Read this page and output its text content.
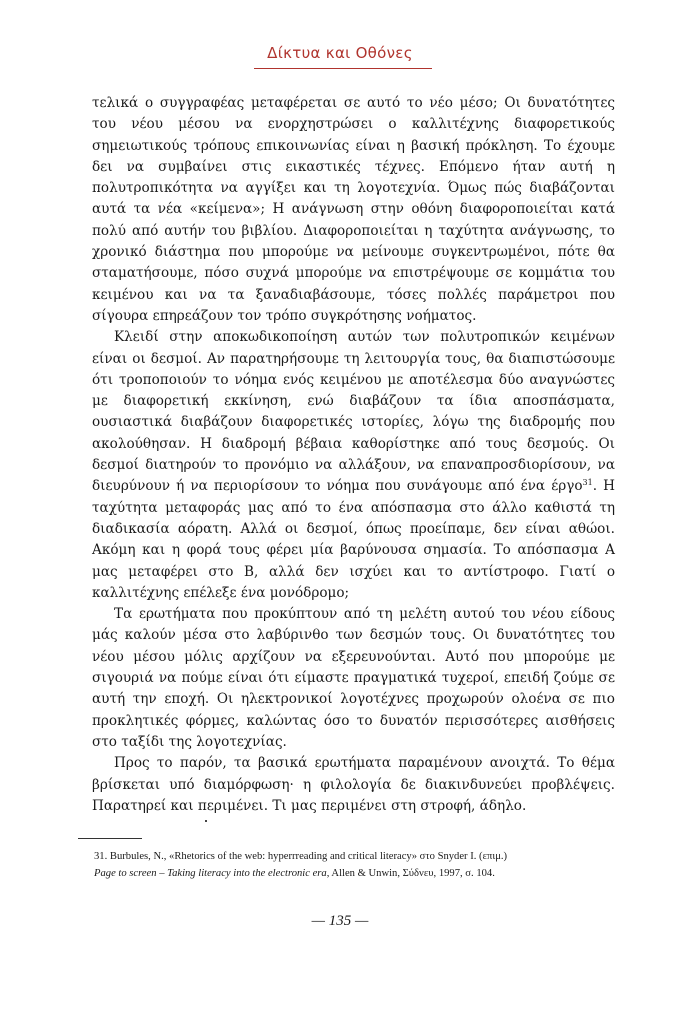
Δίκτυα και Οθόνες

τελικά ο συγγραφέας μεταφέρεται σε αυτό το νέο μέσο; Οι δυνατότητες του νέου μέσου να ενορχηστρώσει ο καλλιτέχνης διαφορετικούς σημειωτικούς τρόπους επικοινωνίας είναι η βασική πρόκληση. Το έχουμε δει να συμβαίνει στις εικαστικές τέχνες. Επόμενο ήταν αυτή η πολυτροπικότητα να αγγίξει και τη λογοτεχνία. Όμως πώς διαβάζονται αυτά τα νέα «κείμενα»; Η ανάγνωση στην οθόνη διαφοροποιείται κατά πολύ από αυτήν του βιβλίου. Διαφοροποιείται η ταχύτητα ανάγνωσης, το χρονικό διάστημα που μπορούμε να μείνουμε συγκεντρωμένοι, πότε θα σταματήσουμε, πόσο συχνά μπορούμε να επιστρέψουμε σε κομμάτια του κειμένου και να τα ξαναδιαβάσουμε, τόσες πολλές παράμετροι που σίγουρα επηρεάζουν τον τρόπο συγκρότησης νοήματος.

Κλειδί στην αποκωδικοποίηση αυτών των πολυτροπικών κειμένων είναι οι δεσμοί. Αν παρατηρήσουμε τη λειτουργία τους, θα διαπιστώσουμε ότι τροποποιούν το νόημα ενός κειμένου με αποτέλεσμα δύο αναγνώστες με διαφορετική εκκίνηση, ενώ διαβάζουν τα ίδια αποσπάσματα, ουσιαστικά διαβάζουν διαφορετικές ιστορίες, λόγω της διαδρομής που ακολούθησαν. Η διαδρομή βέβαια καθορίστηκε από τους δεσμούς. Οι δεσμοί διατηρούν το προνόμιο να αλλάξουν, να επαναπροσδιορίσουν, να διευρύνουν ή να περιορίσουν το νόημα που συνάγουμε από ένα έργο$^{31}$. Η ταχύτητα μεταφοράς μας από το ένα απόσπασμα στο άλλο καθιστά τη διαδικασία αόρατη. Αλλά οι δεσμοί, όπως προείπαμε, δεν είναι αθώοι. Ακόμη και η φορά τους φέρει μία βαρύνουσα σημασία. Το απόσπασμα Α μας μεταφέρει στο Β, αλλά δεν ισχύει και το αντίστροφο. Γιατί ο καλλιτέχνης επέλεξε ένα μονόδρομο;

Τα ερωτήματα που προκύπτουν από τη μελέτη αυτού του νέου είδους μάς καλούν μέσα στο λαβύρινθο των δεσμών τους. Οι δυνατότητες του νέου μέσου μόλις αρχίζουν να εξερευνούνται. Αυτό που μπορούμε με σιγουριά να πούμε είναι ότι είμαστε πραγματικά τυχεροί, επειδή ζούμε σε αυτή την εποχή. Οι ηλεκτρονικοί λογοτέχνες προχωρούν ολοένα σε πιο προκλητικές φόρμες, καλώντας όσο το δυνατόν περισσότερες αισθήσεις στο ταξίδι της λογοτεχνίας.

Προς το παρόν, τα βασικά ερωτήματα παραμένουν ανοιχτά. Το θέμα βρίσκεται υπό διαμόρφωση· η φιλολογία δε διακινδυνεύει προβλέψεις. Παρατηρεί και περιμένει. Τι μας περιμένει στη στροφή, άδηλο.

31. Burbules, N., «Rhetorics of the web: hyperrreading and critical literacy» στο Snyder I. (επιμ.)

Page to screen – Taking literacy into the electronic era, Allen & Unwin, Σύδνευ, 1997, σ. 104.

— 135 —
